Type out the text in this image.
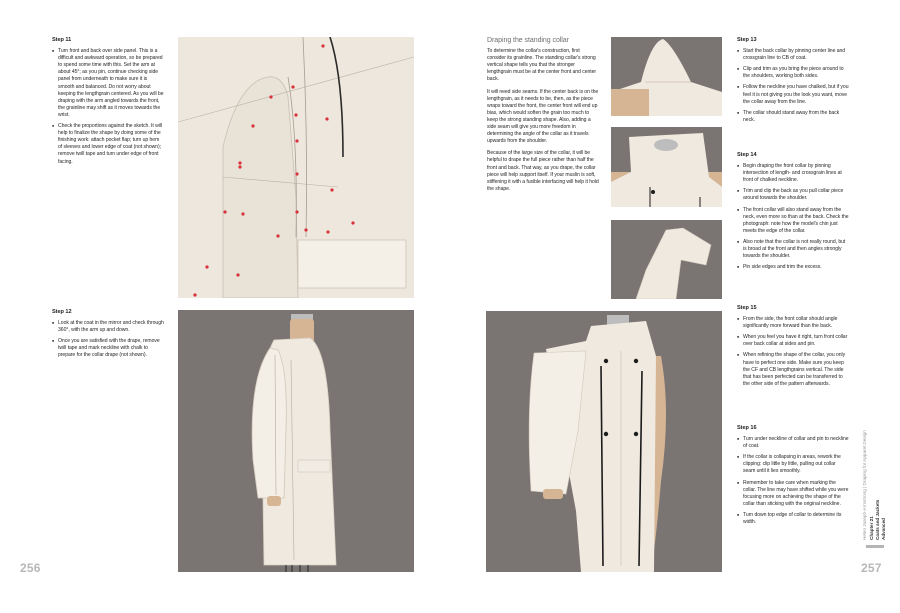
Step 11
■ Turn front and back over side panel. This is a difficult and awkward operation, so be prepared to spend some time with this. Set the arm at about 45°; as you pin, continue checking side panel from underneath to make sure it is smooth and balanced. Do not worry about keeping the lengthgrain centered. As you will be draping with the arm angled towards the front, the grainline may shift as it moves towards the wrist.
■ Check the proportions against the sketch. It will help to finalize the shape by doing some of the finishing work: attach pocket flap; turn up hem of sleeves and lower edge of coat (not shown); remove twill tape and turn under edge of front facing.
Step 12
■ Look at the coat in the mirror and check through 360°, with the arm up and down.
■ Once you are satisfied with the drape, remove twill tape and mark neckline with chalk to prepare for the collar drape (not shown).
256
Draping the standing collar

To determine the collar's construction, first consider its grainline. The standing collar's strong vertical shape tells you that the stronger lengthgrain must be at the center front and center back.

It will need side seams. If the center back is on the lengthgrain, as it needs to be, then, as the piece wraps toward the front, the center front will end up bias, which would soften the grain too much to keep the strong standing shape. Also, adding a side seam will give you more freedom in determining the angle of the collar as it travels upwards from the shoulder.

Because of the large size of the collar, it will be helpful to drape the full piece rather than half the front and back. That way, as you drape, the collar piece will help support itself. If your muslin is soft, stiffening it with a fusible interfacing will help it hold the shape.

Step 13
■ Start the back collar by pinning center line and crossgrain line to CB of coat.
■ Clip and trim as you bring the piece around to the shoulders, working both sides.
■ Follow the neckline you have chalked, but if you feel it is not giving you the look you want, move the collar away from the line.
■ The collar should stand away from the back neck.
Step 14
■ Begin draping the front collar by pinning intersection of length- and crossgrain lines at front of chalked neckline.
■ Trim and clip the back as you pull collar piece around towards the shoulder.
■ The front collar will also stand away from the neck, even more so than at the back. Check the photograph: note how the model's chin just meets the edge of the collar.
■ Also note that the collar is not really round, but is broad at the front and then angles strongly towards the shoulder.
■ Pin side edges and trim the excess.
Step 15
■ From the side, the front collar should angle significantly more forward than the back.
■ When you feel you have it right, turn front collar over back collar at sides and pin.
■ When refining the shape of the collar, you only have to perfect one side. Make sure you keep the CF and CB lengthgrains vertical. The side that has been perfected can be transferred to the other side of the pattern afterwards.
Step 16
■ Turn under neckline of collar and pin to neckline of coat.
■ If the collar is collapsing in areas, rework the clipping: clip little by little, pulling out collar seam until it lies smoothly.
■ Remember to take care when marking the collar. The line may have shifted while you were focusing more on achieving the shape of the collar than sticking with the original neckline.
■ Turn down top edge of collar to determine its width.	Helen Joseph-Armstrong | Draping for Apparel Design Chapter 21 Coats and Jackets Advanced
257
